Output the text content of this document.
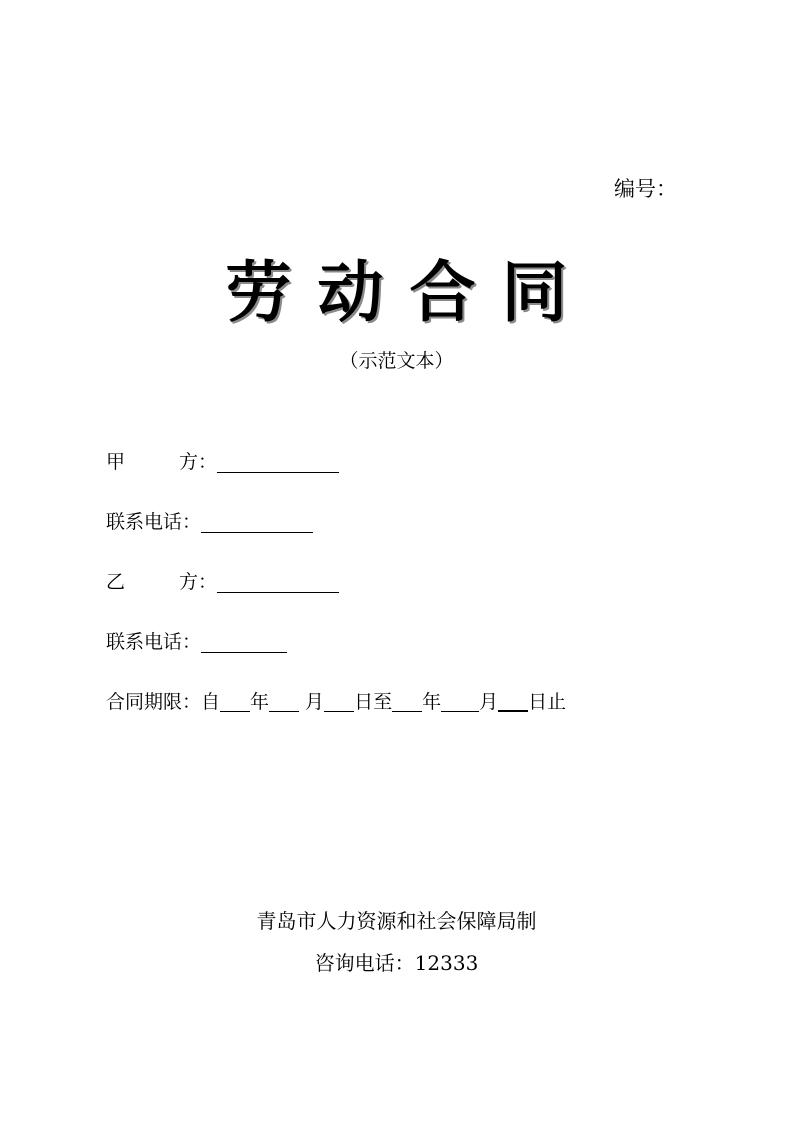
编号：
劳动合同
（示范文本）
甲	方 ：
联系电话：
乙	方 ：
联系电话：
合同期限： 自 年 月 日至 年 月 日止
青岛市人力资源和社会保障局制
咨询电话：12333
